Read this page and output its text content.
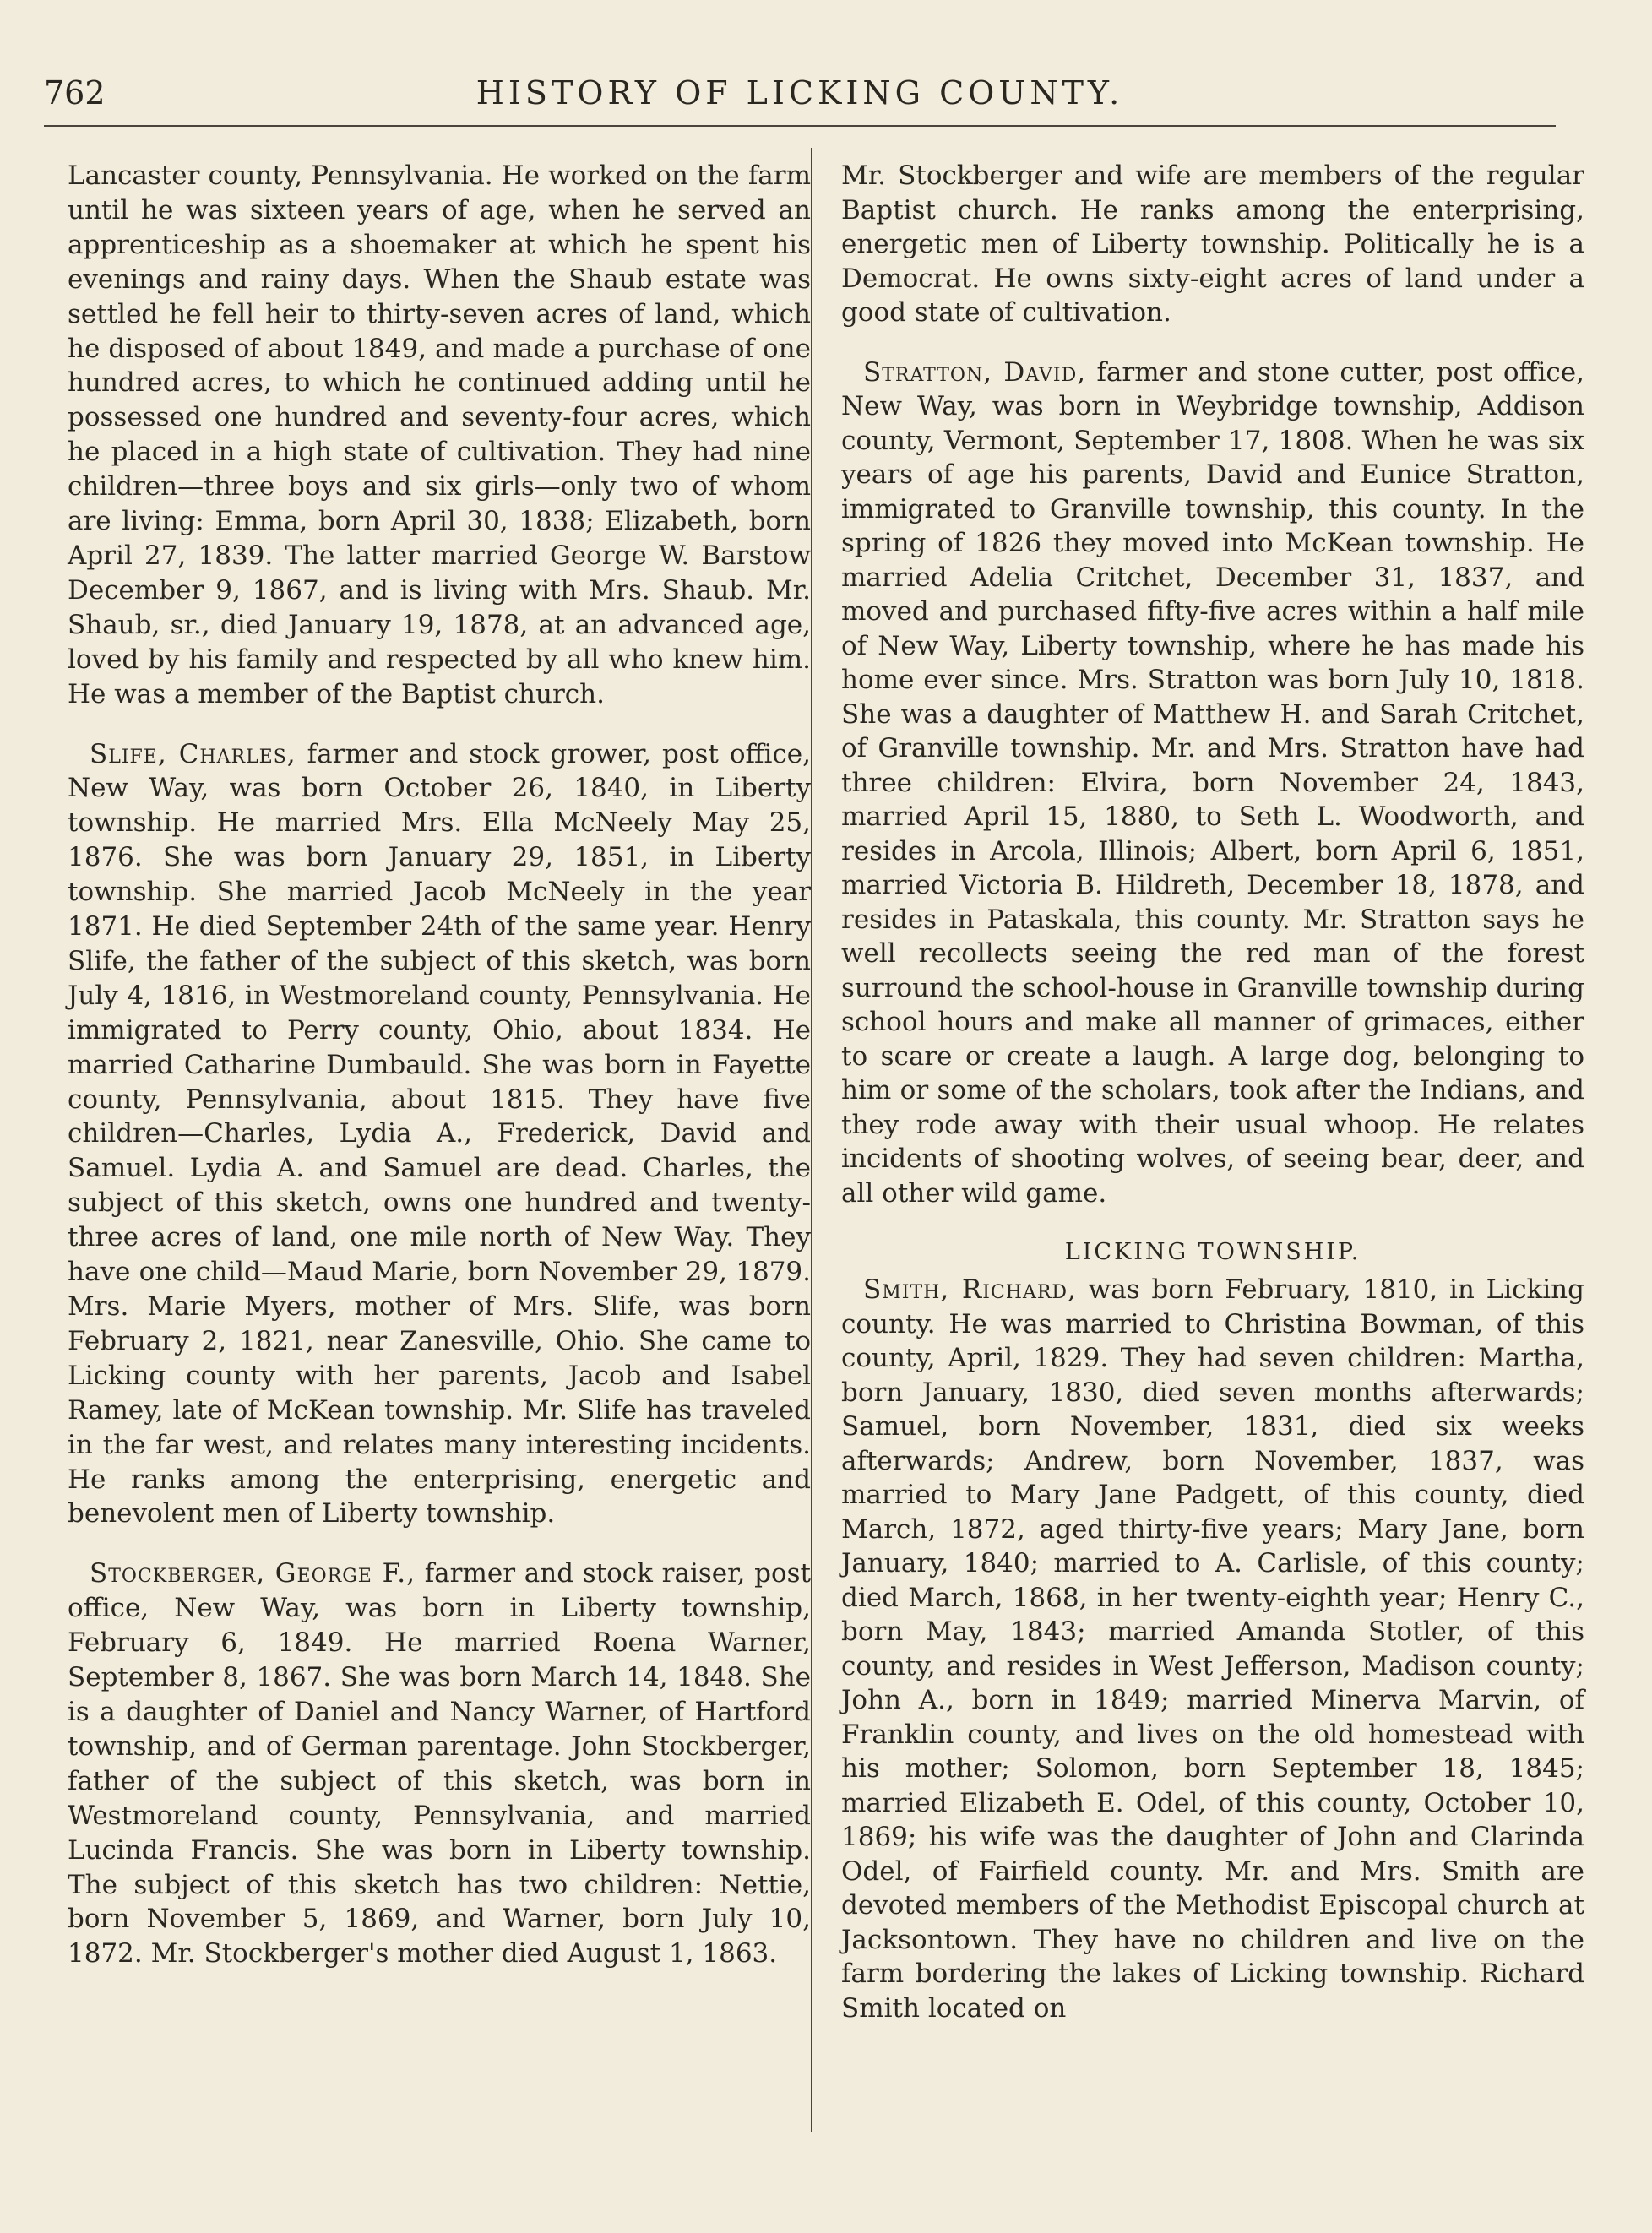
762	HISTORY OF LICKING COUNTY.

Lancaster county, Pennsylvania. He worked on the farm until he was sixteen years of age, when he served an apprenticeship as a shoemaker at which he spent his evenings and rainy days. When the Shaub estate was settled he fell heir to thirty-seven acres of land, which he disposed of about 1849, and made a purchase of one hundred acres, to which he continued adding until he possessed one hundred and seventy-four acres, which he placed in a high state of cultivation. They had nine children—three boys and six girls—only two of whom are living: Emma, born April 30, 1838; Elizabeth, born April 27, 1839. The latter married George W. Barstow December 9, 1867, and is living with Mrs. Shaub. Mr. Shaub, sr., died January 19, 1878, at an advanced age, loved by his family and respected by all who knew him. He was a member of the Baptist church.

Slife, Charles, farmer and stock grower, post office, New Way, was born October 26, 1840, in Liberty township. He married Mrs. Ella McNeely May 25, 1876. She was born January 29, 1851, in Liberty township. She married Jacob McNeely in the year 1871. He died September 24th of the same year. Henry Slife, the father of the subject of this sketch, was born July 4, 1816, in Westmoreland county, Pennsylvania. He immigrated to Perry county, Ohio, about 1834. He married Catharine Dumbauld. She was born in Fayette county, Pennsylvania, about 1815. They have five children—Charles, Lydia A., Frederick, David and Samuel. Lydia A. and Samuel are dead. Charles, the subject of this sketch, owns one hundred and twenty-three acres of land, one mile north of New Way. They have one child—Maud Marie, born November 29, 1879. Mrs. Marie Myers, mother of Mrs. Slife, was born February 2, 1821, near Zanesville, Ohio. She came to Licking county with her parents, Jacob and Isabel Ramey, late of McKean township. Mr. Slife has traveled in the far west, and relates many interesting incidents. He ranks among the enterprising, energetic and benevolent men of Liberty township.

Stockberger, George F., farmer and stock raiser, post office, New Way, was born in Liberty township, February 6, 1849. He married Roena Warner, September 8, 1867. She was born March 14, 1848. She is a daughter of Daniel and Nancy Warner, of Hartford township, and of German parentage. John Stockberger, father of the subject of this sketch, was born in Westmoreland county, Pennsylvania, and married Lucinda Francis. She was born in Liberty township. The subject of this sketch has two children: Nettie, born November 5, 1869, and Warner, born July 10, 1872. Mr. Stockberger's mother died August 1, 1863.

Mr. Stockberger and wife are members of the regular Baptist church. He ranks among the enterprising, energetic men of Liberty township. Politically he is a Democrat. He owns sixty-eight acres of land under a good state of cultivation.

Stratton, David, farmer and stone cutter, post office, New Way, was born in Weybridge township, Addison county, Vermont, September 17, 1808. When he was six years of age his parents, David and Eunice Stratton, immigrated to Granville township, this county. In the spring of 1826 they moved into McKean township. He married Adelia Critchet, December 31, 1837, and moved and purchased fifty-five acres within a half mile of New Way, Liberty township, where he has made his home ever since. Mrs. Stratton was born July 10, 1818. She was a daughter of Matthew H. and Sarah Critchet, of Granville township. Mr. and Mrs. Stratton have had three children: Elvira, born November 24, 1843, married April 15, 1880, to Seth L. Woodworth, and resides in Arcola, Illinois; Albert, born April 6, 1851, married Victoria B. Hildreth, December 18, 1878, and resides in Pataskala, this county. Mr. Stratton says he well recollects seeing the red man of the forest surround the school-house in Granville township during school hours and make all manner of grimaces, either to scare or create a laugh. A large dog, belonging to him or some of the scholars, took after the Indians, and they rode away with their usual whoop. He relates incidents of shooting wolves, of seeing bear, deer, and all other wild game.

LICKING TOWNSHIP.

Smith, Richard, was born February, 1810, in Licking county. He was married to Christina Bowman, of this county, April, 1829. They had seven children: Martha, born January, 1830, died seven months afterwards; Samuel, born November, 1831, died six weeks afterwards; Andrew, born November, 1837, was married to Mary Jane Padgett, of this county, died March, 1872, aged thirty-five years; Mary Jane, born January, 1840; married to A. Carlisle, of this county; died March, 1868, in her twenty-eighth year; Henry C., born May, 1843; married Amanda Stotler, of this county, and resides in West Jefferson, Madison county; John A., born in 1849; married Minerva Marvin, of Franklin county, and lives on the old homestead with his mother; Solomon, born September 18, 1845; married Elizabeth E. Odel, of this county, October 10, 1869; his wife was the daughter of John and Clarinda Odel, of Fairfield county. Mr. and Mrs. Smith are devoted members of the Methodist Episcopal church at Jacksontown. They have no children and live on the farm bordering the lakes of Licking township. Richard Smith located on
